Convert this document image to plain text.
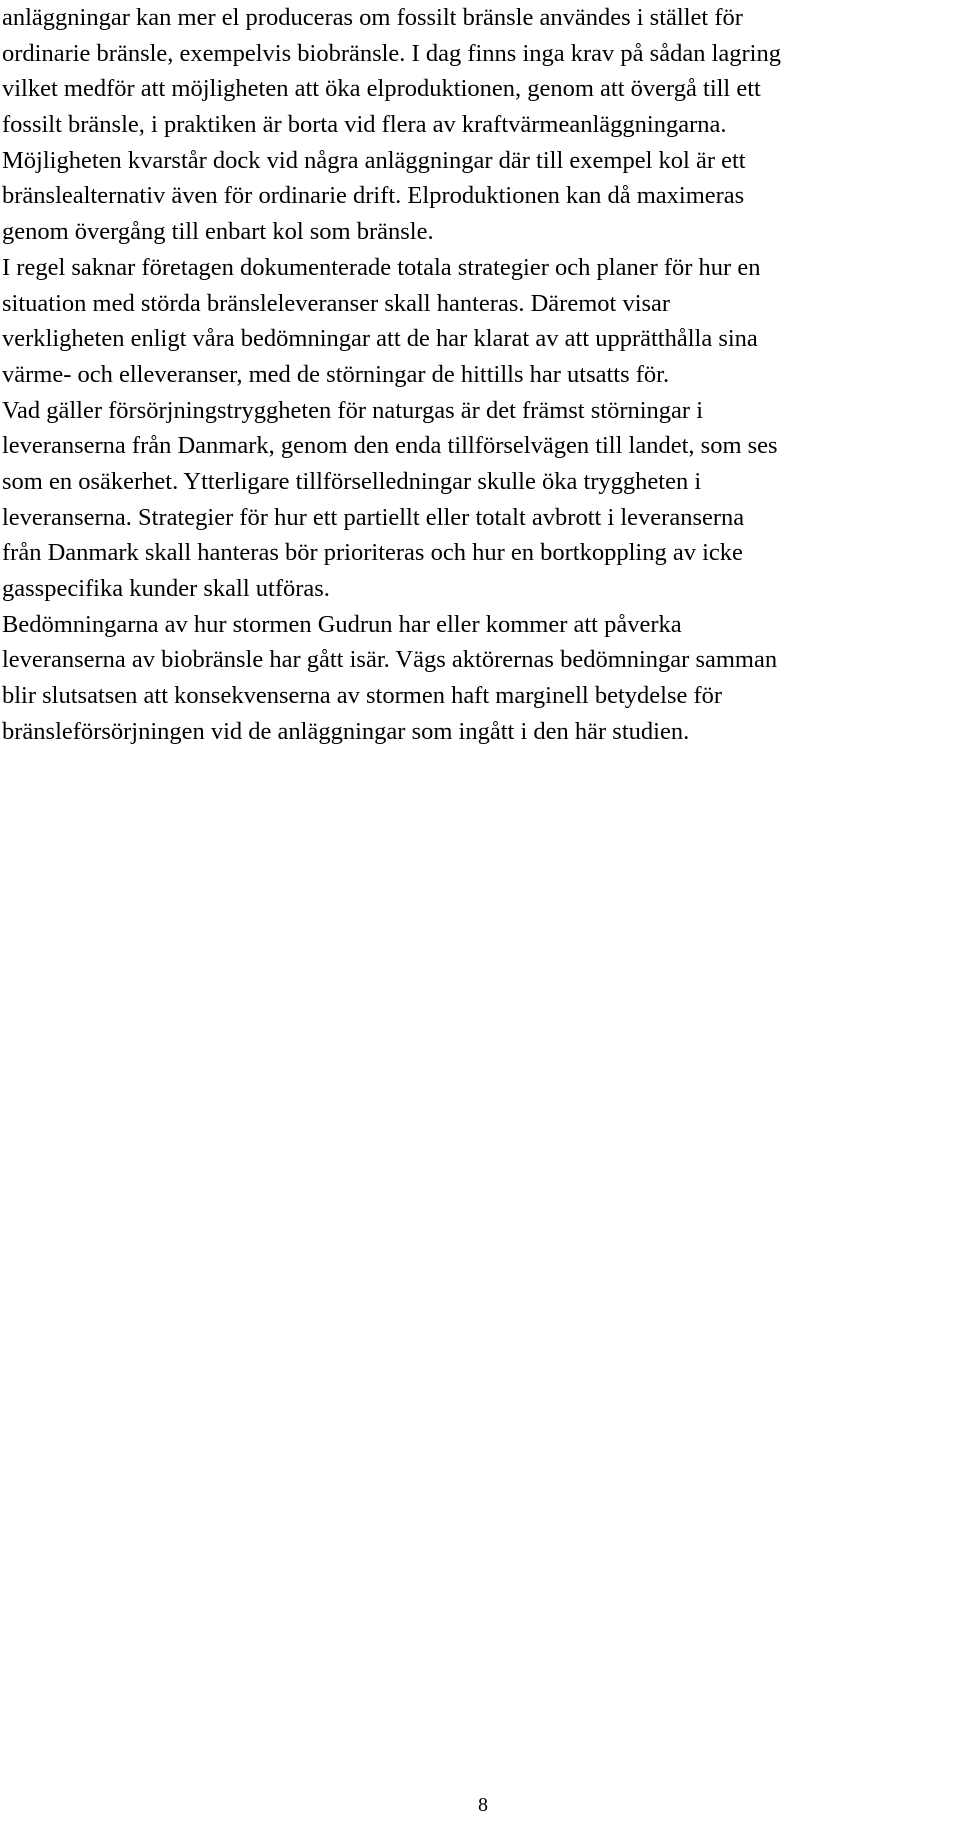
anläggningar kan mer el produceras om fossilt bränsle användes i stället för
ordinarie bränsle, exempelvis biobränsle. I dag finns inga krav på sådan lagring
vilket medför att möjligheten att öka elproduktionen, genom att övergå till ett
fossilt bränsle, i praktiken är borta vid flera av kraftvärmeanläggningarna.
Möjligheten kvarstår dock vid några anläggningar där till exempel kol är ett
bränslealternativ även för ordinarie drift. Elproduktionen kan då maximeras
genom övergång till enbart kol som bränsle.
I regel saknar företagen dokumenterade totala strategier och planer för hur en
situation med störda bränsleleveranser skall hanteras. Däremot visar
verkligheten enligt våra bedömningar att de har klarat av att upprätthålla sina
värme- och elleveranser, med de störningar de hittills har utsatts för.
Vad gäller försörjningstryggheten för naturgas är det främst störningar i
leveranserna från Danmark, genom den enda tillförselvägen till landet, som ses
som en osäkerhet. Ytterligare tillförselledningar skulle öka tryggheten i
leveranserna. Strategier för hur ett partiellt eller totalt avbrott i leveranserna
från Danmark skall hanteras bör prioriteras och hur en bortkoppling av icke
gasspecifika kunder skall utföras.
Bedömningarna av hur stormen Gudrun har eller kommer att påverka
leveranserna av biobränsle har gått isär. Vägs aktörernas bedömningar samman
blir slutsatsen att konsekvenserna av stormen haft marginell betydelse för
bränsleförsörjningen vid de anläggningar som ingått i den här studien.
8
